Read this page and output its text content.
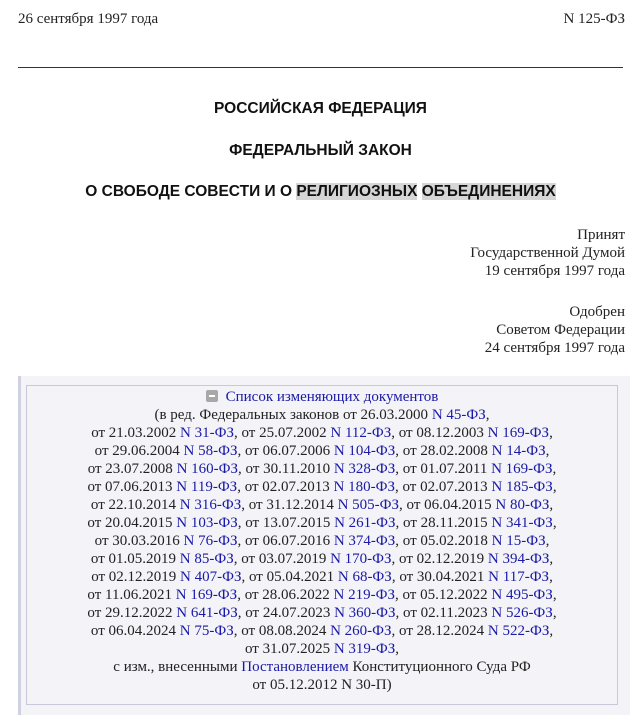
26 сентября 1997 года	N 125-ФЗ
РОССИЙСКАЯ ФЕДЕРАЦИЯ
ФЕДЕРАЛЬНЫЙ ЗАКОН
О СВОБОДЕ СОВЕСТИ И О РЕЛИГИОЗНЫХ ОБЪЕДИНЕНИЯХ
Принят
Государственной Думой
19 сентября 1997 года
Одобрен
Советом Федерации
24 сентября 1997 года
Список изменяющих документов
(в ред. Федеральных законов от 26.03.2000 N 45-ФЗ,
от 21.03.2002 N 31-ФЗ, от 25.07.2002 N 112-ФЗ, от 08.12.2003 N 169-ФЗ,
от 29.06.2004 N 58-ФЗ, от 06.07.2006 N 104-ФЗ, от 28.02.2008 N 14-ФЗ,
от 23.07.2008 N 160-ФЗ, от 30.11.2010 N 328-ФЗ, от 01.07.2011 N 169-ФЗ,
от 07.06.2013 N 119-ФЗ, от 02.07.2013 N 180-ФЗ, от 02.07.2013 N 185-ФЗ,
от 22.10.2014 N 316-ФЗ, от 31.12.2014 N 505-ФЗ, от 06.04.2015 N 80-ФЗ,
от 20.04.2015 N 103-ФЗ, от 13.07.2015 N 261-ФЗ, от 28.11.2015 N 341-ФЗ,
от 30.03.2016 N 76-ФЗ, от 06.07.2016 N 374-ФЗ, от 05.02.2018 N 15-ФЗ,
от 01.05.2019 N 85-ФЗ, от 03.07.2019 N 170-ФЗ, от 02.12.2019 N 394-ФЗ,
от 02.12.2019 N 407-ФЗ, от 05.04.2021 N 68-ФЗ, от 30.04.2021 N 117-ФЗ,
от 11.06.2021 N 169-ФЗ, от 28.06.2022 N 219-ФЗ, от 05.12.2022 N 495-ФЗ,
от 29.12.2022 N 641-ФЗ, от 24.07.2023 N 360-ФЗ, от 02.11.2023 N 526-ФЗ,
от 06.04.2024 N 75-ФЗ, от 08.08.2024 N 260-ФЗ, от 28.12.2024 N 522-ФЗ,
от 31.07.2025 N 319-ФЗ,
с изм., внесенными Постановлением Конституционного Суда РФ
от 05.12.2012 N 30-П)
